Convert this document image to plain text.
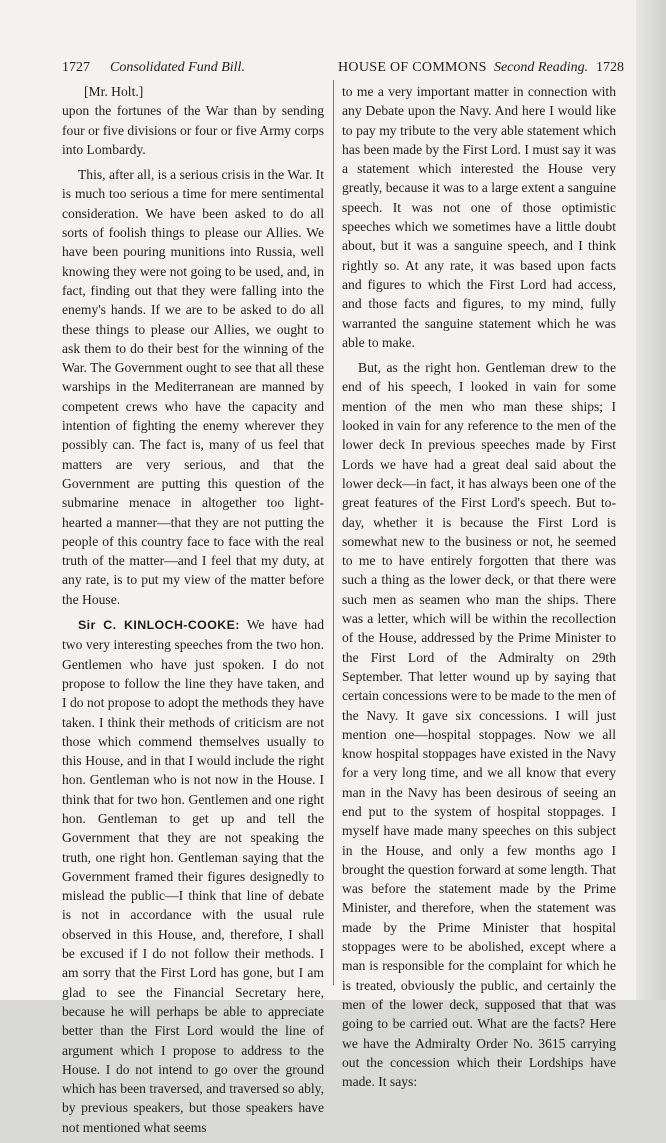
1727 Consolidated Fund Bill.	HOUSE OF COMMONS Second Reading. 1728
[Mr. Holt.]

upon the fortunes of the War than by sending four or five divisions or four or five Army corps into Lombardy.

This, after all, is a serious crisis in the War. It is much too serious a time for mere sentimental consideration. We have been asked to do all sorts of foolish things to please our Allies. We have been pouring munitions into Russia, well knowing they were not going to be used, and, in fact, finding out that they were falling into the enemy's hands. If we are to be asked to do all these things to please our Allies, we ought to ask them to do their best for the winning of the War. The Government ought to see that all these warships in the Mediterranean are manned by competent crews who have the capacity and intention of fighting the enemy wherever they possibly can. The fact is, many of us feel that matters are very serious, and that the Government are putting this question of the submarine menace in altogether too light-hearted a manner—that they are not putting the people of this country face to face with the real truth of the matter—and I feel that my duty, at any rate, is to put my view of the matter before the House.

Sir C. KINLOCH-COOKE: We have had two very interesting speeches from the two hon. Gentlemen who have just spoken. I do not propose to follow the line they have taken, and I do not propose to adopt the methods they have taken. I think their methods of criticism are not those which commend themselves usually to this House, and in that I would include the right hon. Gentleman who is not now in the House. I think that for two hon. Gentlemen and one right hon. Gentleman to get up and tell the Government that they are not speaking the truth, one right hon. Gentleman saying that the Government framed their figures designedly to mislead the public—I think that line of debate is not in accordance with the usual rule observed in this House, and, therefore, I shall be excused if I do not follow their methods. I am sorry that the First Lord has gone, but I am glad to see the Financial Secretary here, because he will perhaps be able to appreciate better than the First Lord would the line of argument which I propose to address to the House. I do not intend to go over the ground which has been traversed, and traversed so ably, by previous speakers, but those speakers have not mentioned what seems

to me a very important matter in connection with any Debate upon the Navy. And here I would like to pay my tribute to the very able statement which has been made by the First Lord. I must say it was a statement which interested the House very greatly, because it was to a large extent a sanguine speech. It was not one of those optimistic speeches which we sometimes have a little doubt about, but it was a sanguine speech, and I think rightly so. At any rate, it was based upon facts and figures to which the First Lord had access, and those facts and figures, to my mind, fully warranted the sanguine statement which he was able to make.

But, as the right hon. Gentleman drew to the end of his speech, I looked in vain for some mention of the men who man these ships; I looked in vain for any reference to the men of the lower deck In previous speeches made by First Lords we have had a great deal said about the lower deck—in fact, it has always been one of the great features of the First Lord's speech. But to-day, whether it is because the First Lord is somewhat new to the business or not, he seemed to me to have entirely forgotten that there was such a thing as the lower deck, or that there were such men as seamen who man the ships. There was a letter, which will be within the recollection of the House, addressed by the Prime Minister to the First Lord of the Admiralty on 29th September. That letter wound up by saying that certain concessions were to be made to the men of the Navy. It gave six concessions. I will just mention one—hospital stoppages. Now we all know hospital stoppages have existed in the Navy for a very long time, and we all know that every man in the Navy has been desirous of seeing an end put to the system of hospital stoppages. I myself have made many speeches on this subject in the House, and only a few months ago I brought the question forward at some length. That was before the statement made by the Prime Minister, and therefore, when the statement was made by the Prime Minister that hospital stoppages were to be abolished, except where a man is responsible for the complaint for which he is treated, obviously the public, and certainly the men of the lower deck, supposed that that was going to be carried out. What are the facts? Here we have the Admiralty Order No. 3615 carrying out the concession which their Lordships have made. It says:
